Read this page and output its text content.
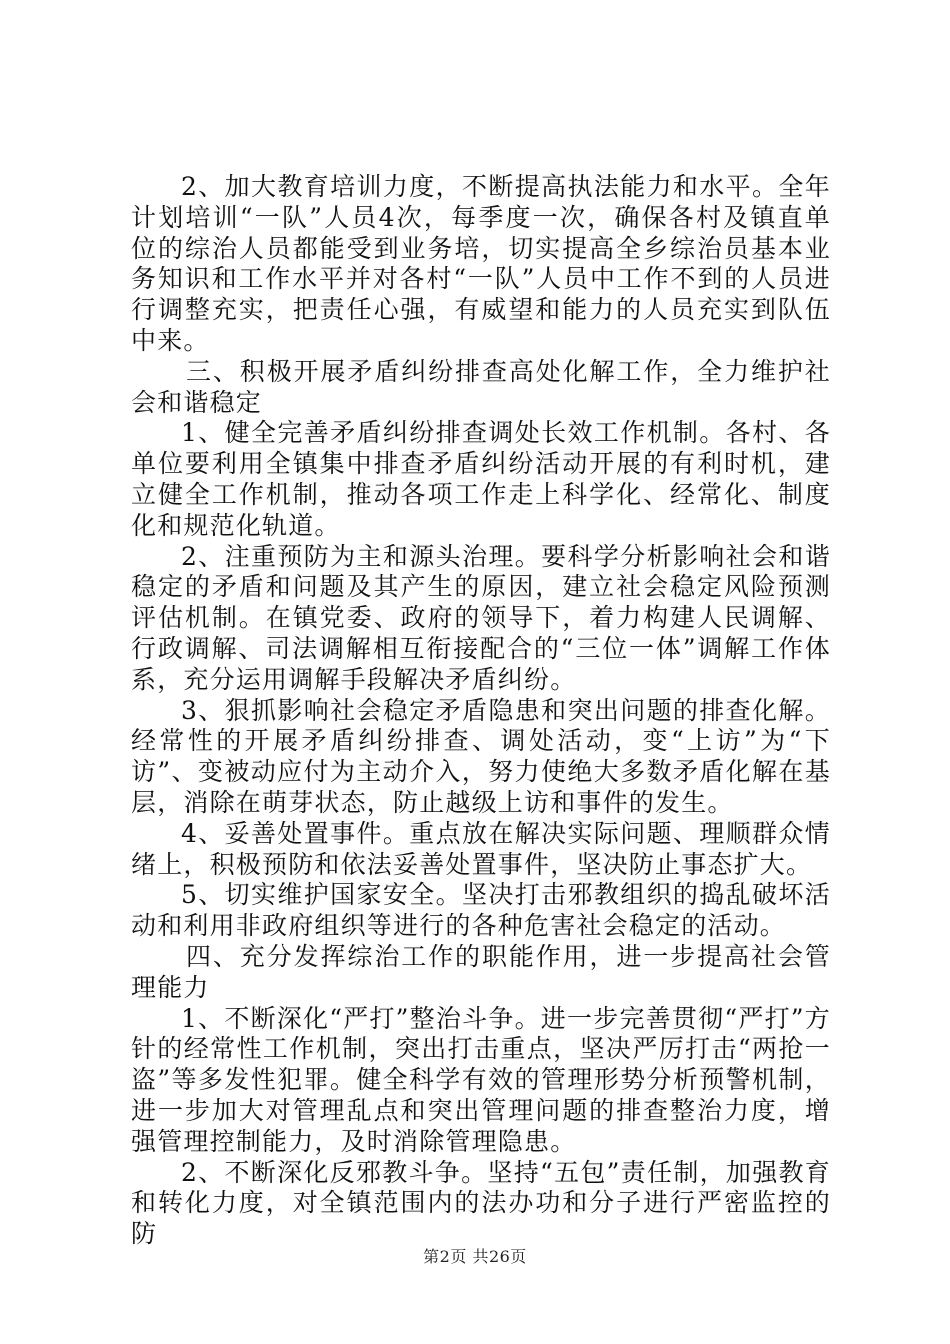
2、加大教育培训力度，不断提高执法能力和水平。全年计划培训“一队”人员4次，每季度一次，确保各村及镇直单位的综治人员都能受到业务培，切实提高全乡综治员基本业务知识和工作水平并对各村“一队”人员中工作不到的人员进行调整充实，把责任心强，有威望和能力的人员充实到队伍中来。

三、积极开展矛盾纠纷排查高处化解工作，全力维护社会和谐稳定

1、健全完善矛盾纠纷排查调处长效工作机制。各村、各单位要利用全镇集中排查矛盾纠纷活动开展的有利时机，建立健全工作机制，推动各项工作走上科学化、经常化、制度化和规范化轨道。

2、注重预防为主和源头治理。要科学分析影响社会和谐稳定的矛盾和问题及其产生的原因，建立社会稳定风险预测评估机制。在镇党委、政府的领导下，着力构建人民调解、行政调解、司法调解相互衔接配合的“三位一体”调解工作体系，充分运用调解手段解决矛盾纠纷。

3、狠抓影响社会稳定矛盾隐患和突出问题的排查化解。经常性的开展矛盾纠纷排查、调处活动，变“上访”为“下访”、变被动应付为主动介入，努力使绝大多数矛盾化解在基层，消除在萌芽状态，防止越级上访和事件的发生。

4、妥善处置事件。重点放在解决实际问题、理顺群众情绪上，积极预防和依法妥善处置事件，坚决防止事态扩大。

5、切实维护国家安全。坚决打击邪教组织的捣乱破坏活动和利用非政府组织等进行的各种危害社会稳定的活动。

四、充分发挥综治工作的职能作用，进一步提高社会管理能力

1、不断深化“严打”整治斗争。进一步完善贯彻“严打”方针的经常性工作机制，突出打击重点，坚决严厉打击“两抢一盗”等多发性犯罪。健全科学有效的管理形势分析预警机制，进一步加大对管理乱点和突出管理问题的排查整治力度，增强管理控制能力，及时消除管理隐患。

2、不断深化反邪教斗争。坚持“五包”责任制，加强教育和转化力度，对全镇范围内的法办功和分子进行严密监控的防

第2页 共26页
